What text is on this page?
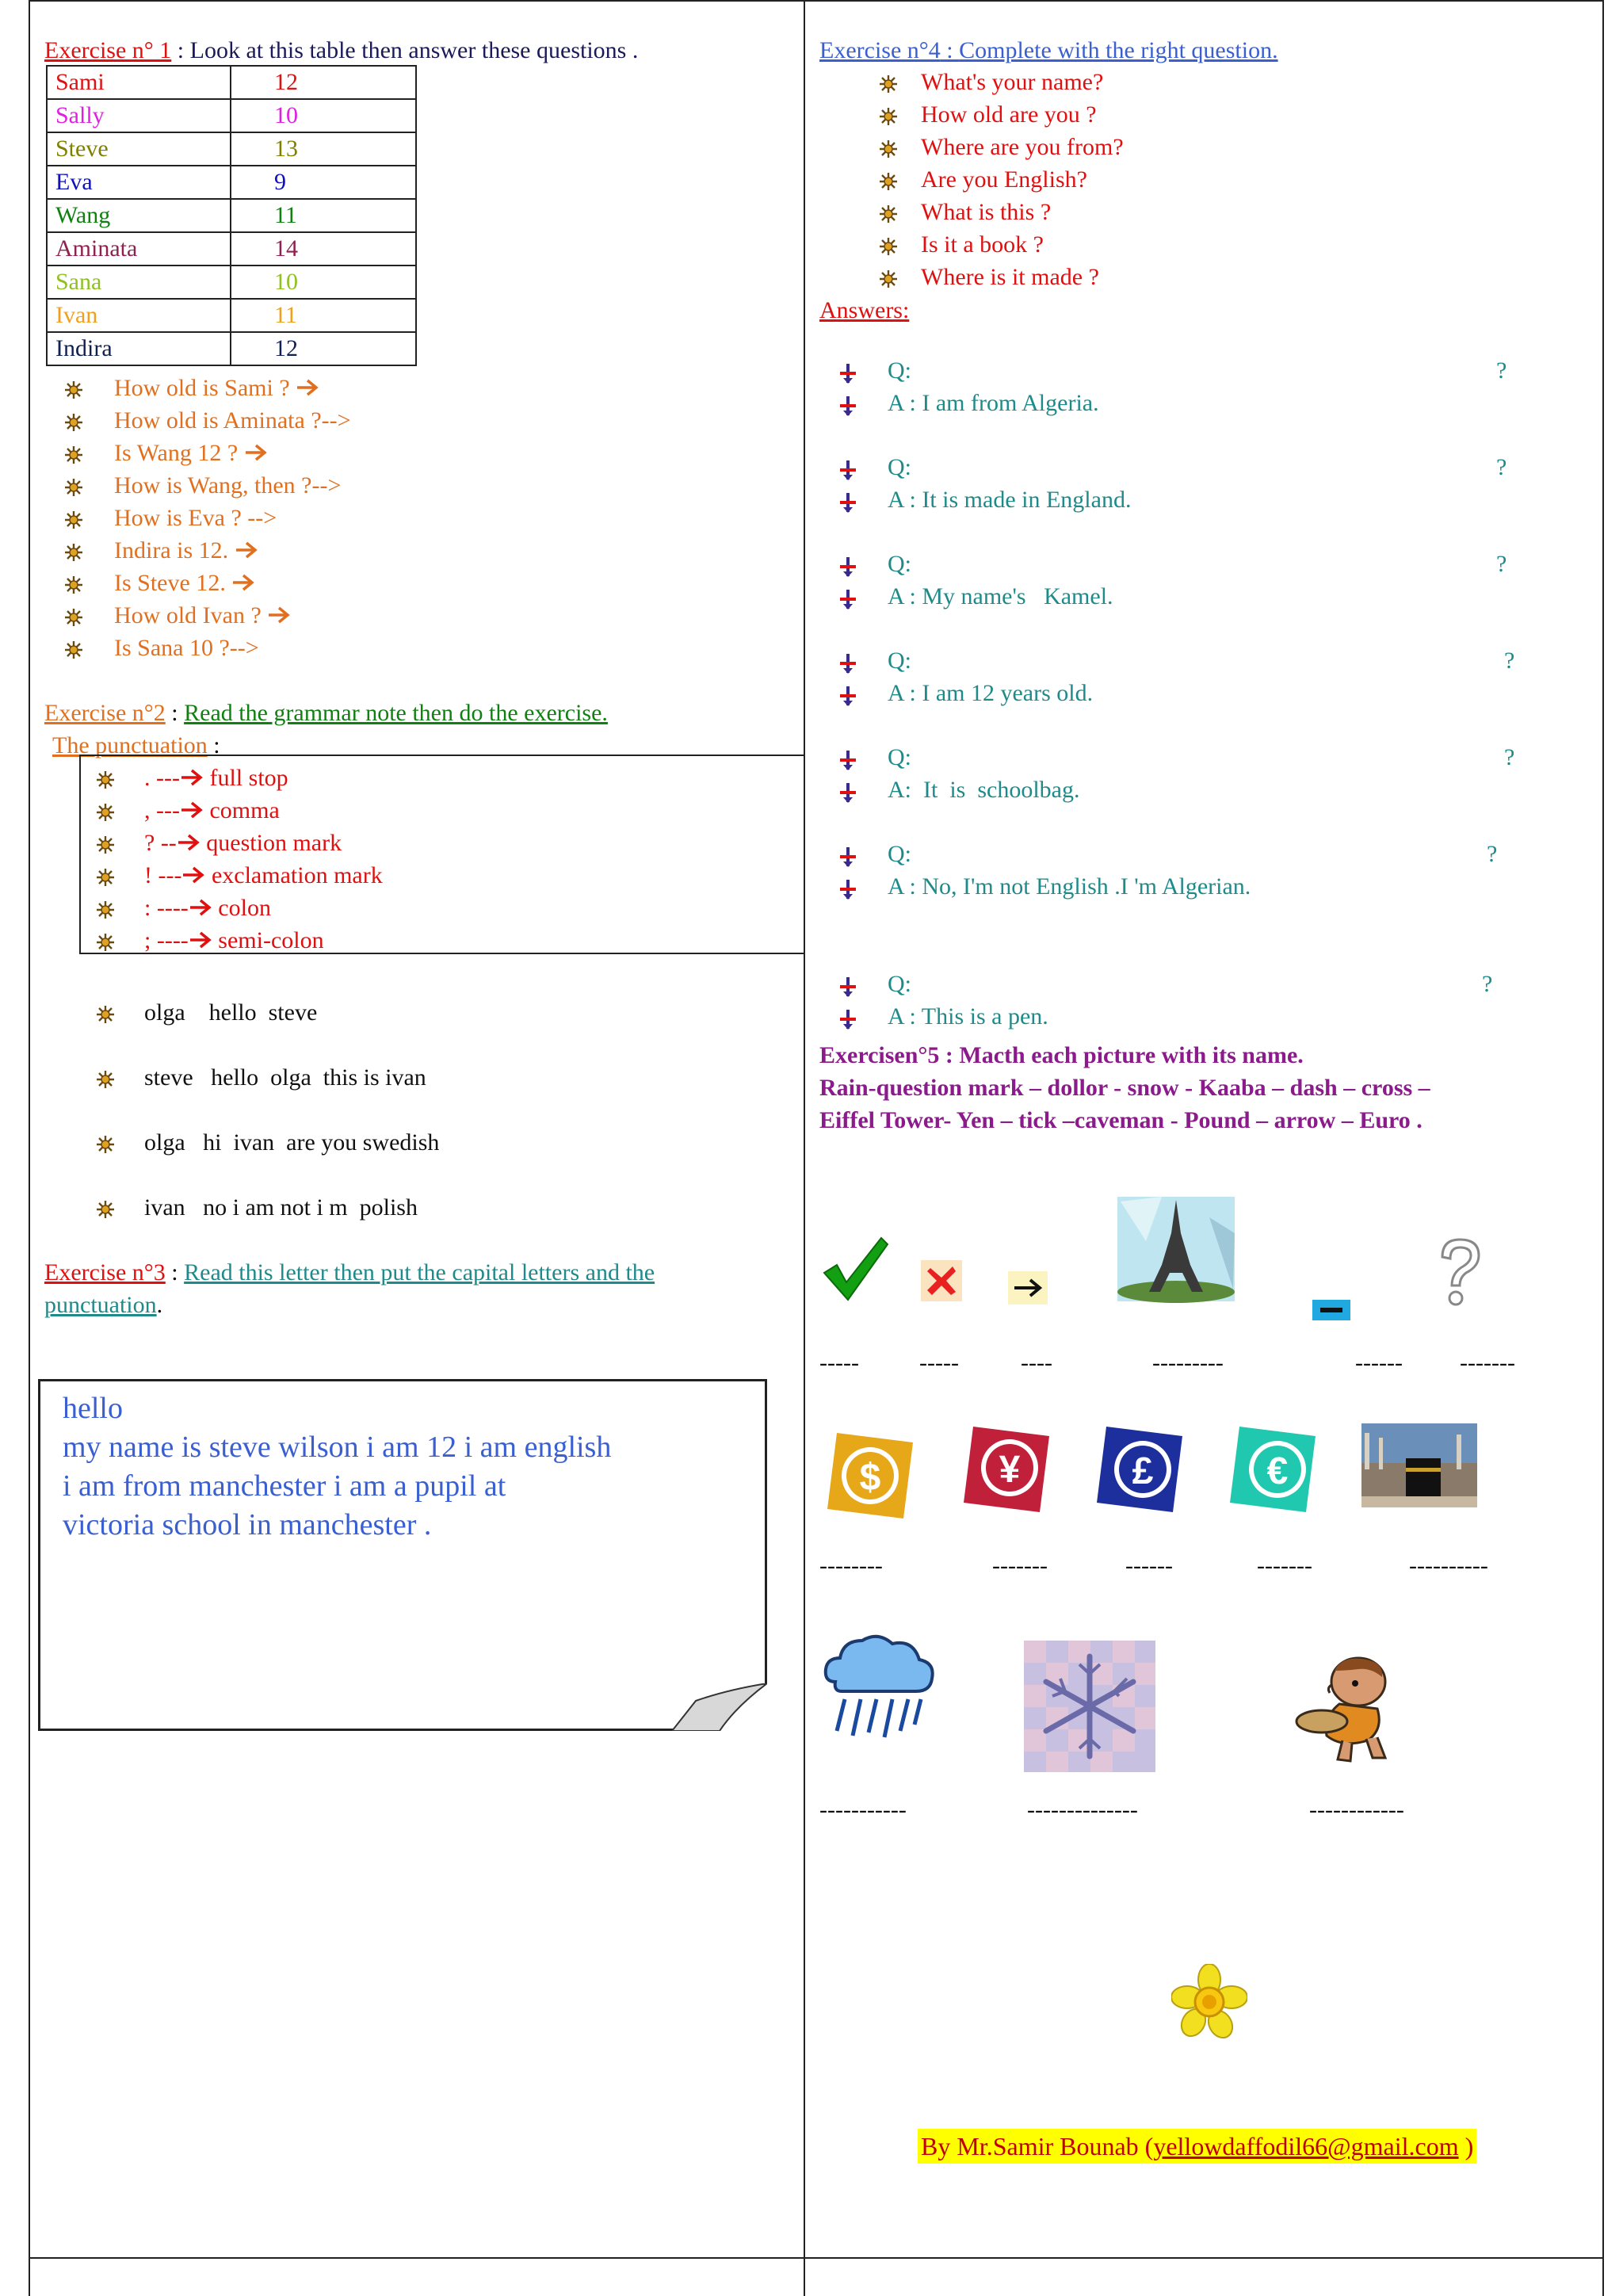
Exercise n° 1 : Look at this table then answer these questions .
Sami	12
Sally	10
Steve	13
Eva	9
Wang	11
Aminata	14
Sana	10
Ivan	11
Indira	12
How old is Sami ?
How old is Aminata ?-->
Is Wang 12 ?
How is Wang, then ?-->
How is Eva ? -->
Indira is 12.
Is Steve 12.
How old Ivan ?
Is Sana 10 ?-->
Exercise n°2 : Read the grammar note then do the exercise.
The punctuation :
. --- full stop
, --- comma
? -- question mark
! --- exclamation mark
: ---- colon
; ---- semi-colon
olga    hello  steve
steve   hello  olga  this is ivan
olga   hi  ivan  are you swedish
ivan   no i am not i m  polish
Exercise n°3 : Read this letter then put the capital letters and the
punctuation.
hello
my name is steve wilson i am 12 i am english
i am from manchester i am a pupil at
victoria school in manchester .
Exercise n°4 : Complete with the right question.
What's your name?
How old are you ?
Where are you from?
Are you English?
What is this ?
Is it a book ?
Where is it made ?
Answers:
Q:	?
A : I am from Algeria.
Q:	?
A : It is made in England.
Q:	?
A : My name's   Kamel.
Q:	?
A : I am 12 years old.
Q:	?
A:  It  is  schoolbag.
Q:	?
A : No, I'm not English .I 'm Algerian.
Q:	?
A : This is a pen.
Exercisen°5 : Macth each picture with its name.
Rain-question mark – dollor - snow - Kaaba – dash – cross –
Eiffel Tower- Yen – tick –caveman - Pound – arrow – Euro .
-----	-----	----	---------	------ -------
$	¥	£	€
--------	-------	------	-------	----------
-----------	--------------	------------
By Mr.Samir Bounab (yellowdaffodil66@gmail.com )
